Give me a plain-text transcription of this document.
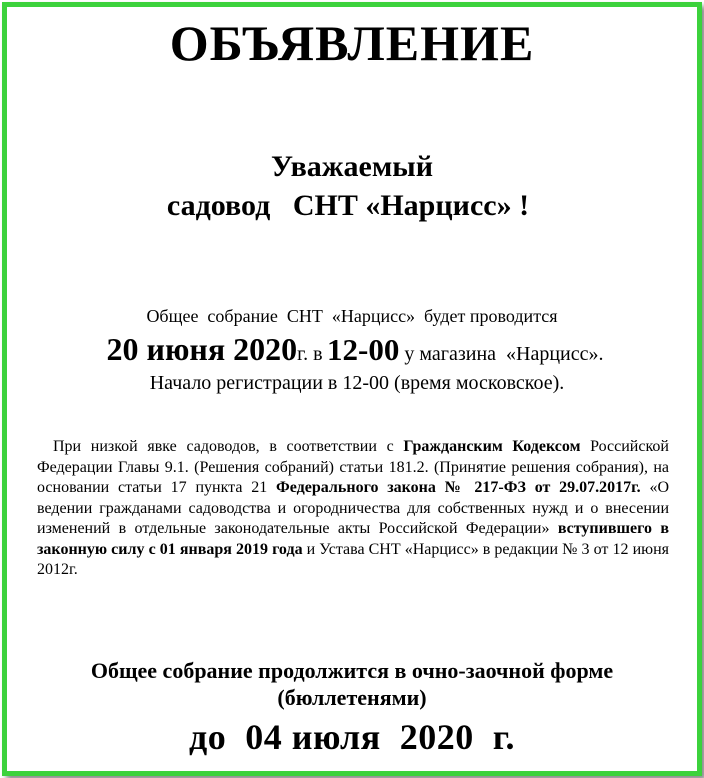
ОБЪЯВЛЕНИЕ
Уважаемый
садовод   СНТ «Нарцисс» !
Общее  собрание  СНТ  «Нарцисс»  будет проводится
20 июня 2020г. в 12-00 у магазина  «Нарцисс».
Начало регистрации в 12-00 (время московское).
При низкой явке садоводов, в соответствии с Гражданским Кодексом Российской Федерации Главы 9.1. (Решения собраний) статьи 181.2. (Принятие решения собрания), на основании статьи 17 пункта 21 Федерального закона № 217-ФЗ от 29.07.2017г. «О ведении гражданами садоводства и огородничества для собственных нужд и о внесении изменений в отдельные законодательные акты Российской Федерации» вступившего в законную силу с 01 января 2019 года и Устава СНТ «Нарцисс» в редакции № 3 от 12 июня 2012г.
Общее собрание продолжится в очно-заочной форме
(бюллетенями)
до  04 июля  2020  г.
